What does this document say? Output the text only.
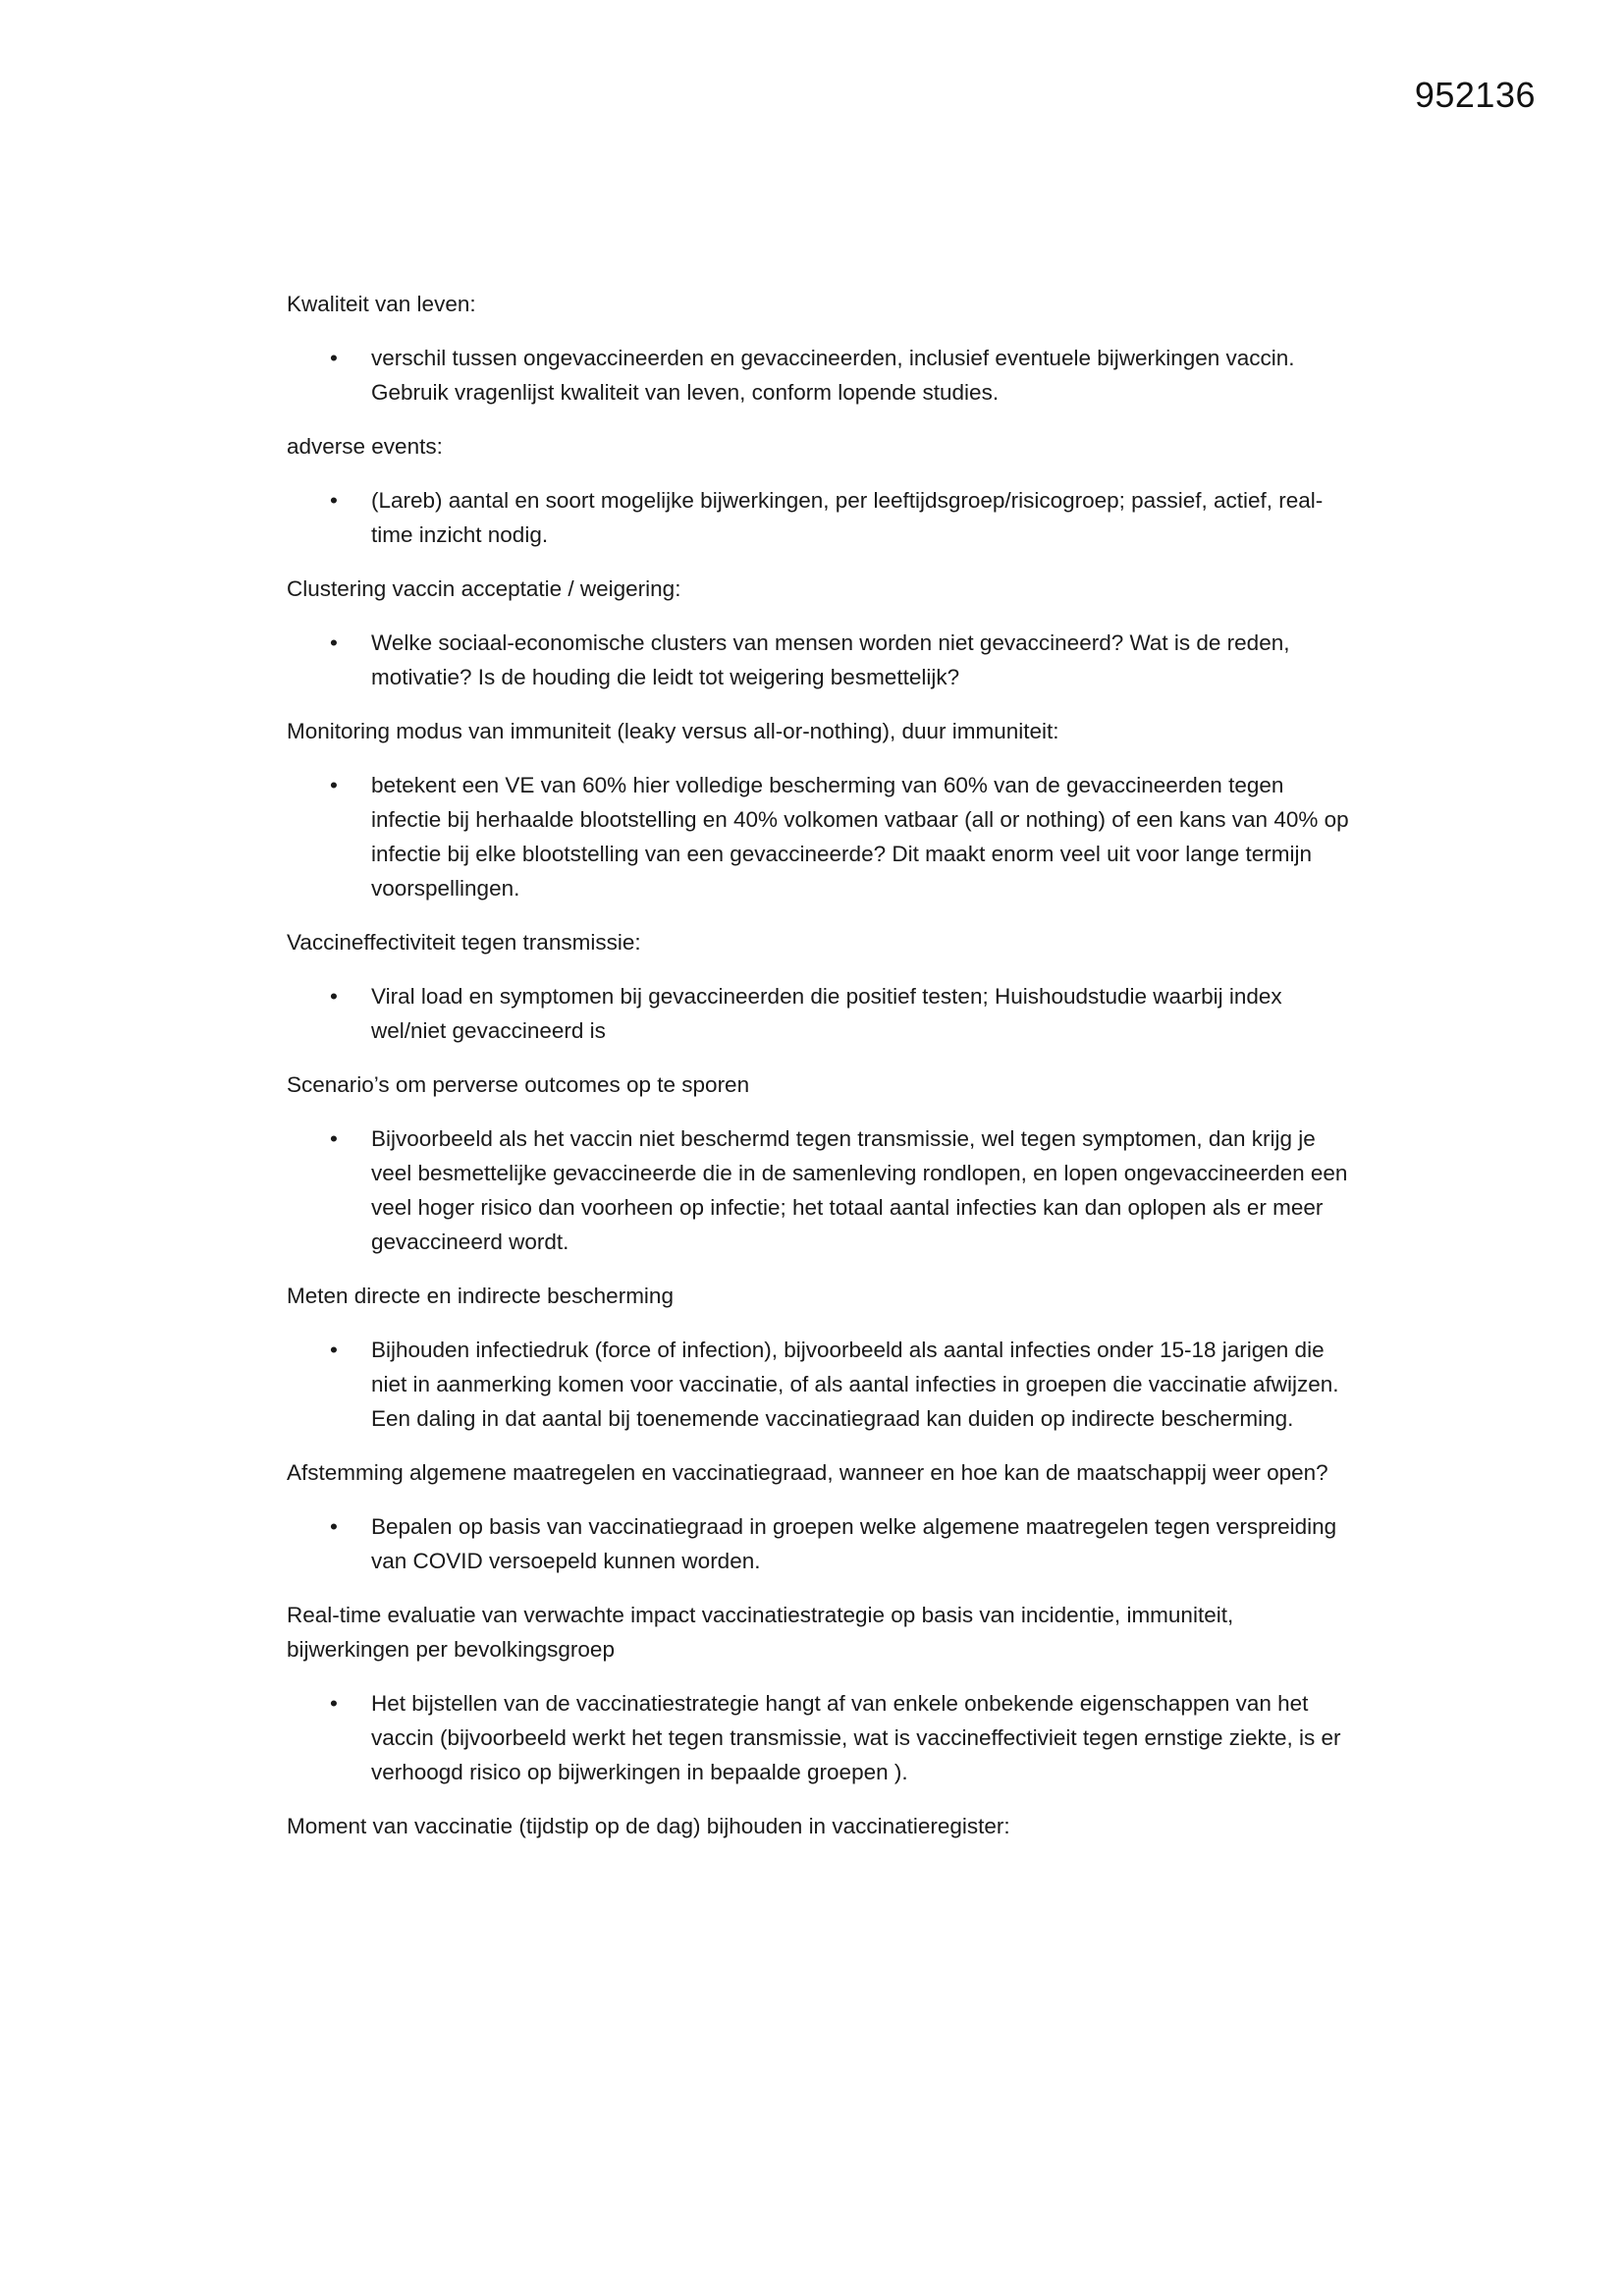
952136

Kwaliteit van leven:

• verschil tussen ongevaccineerden en gevaccineerden, inclusief eventuele bijwerkingen vaccin. Gebruik vragenlijst kwaliteit van leven, conform lopende studies.

adverse events:

• (Lareb) aantal en soort mogelijke bijwerkingen, per leeftijdsgroep/risicogroep; passief, actief, real-time inzicht nodig.

Clustering vaccin acceptatie / weigering:

• Welke sociaal-economische clusters van mensen worden niet gevaccineerd? Wat is de reden, motivatie? Is de houding die leidt tot weigering besmettelijk?

Monitoring modus van immuniteit (leaky versus all-or-nothing), duur immuniteit:

• betekent een VE van 60% hier volledige bescherming van 60% van de gevaccineerden tegen infectie bij herhaalde blootstelling en 40% volkomen vatbaar (all or nothing) of een kans van 40% op infectie bij elke blootstelling van een gevaccineerde? Dit maakt enorm veel uit voor lange termijn voorspellingen.

Vaccineffectiviteit tegen transmissie:

• Viral load en symptomen bij gevaccineerden die positief testen; Huishoudstudie waarbij index wel/niet gevaccineerd is

Scenario’s om perverse outcomes op te sporen

• Bijvoorbeeld als het vaccin niet beschermd tegen transmissie, wel tegen symptomen, dan krijg je veel besmettelijke gevaccineerde die in de samenleving rondlopen, en lopen ongevaccineerden een veel hoger risico dan voorheen op infectie; het totaal aantal infecties kan dan oplopen als er meer gevaccineerd wordt.

Meten directe en indirecte bescherming

• Bijhouden infectiedruk (force of infection), bijvoorbeeld als aantal infecties onder 15-18 jarigen die niet in aanmerking komen voor vaccinatie, of als aantal infecties in groepen die vaccinatie afwijzen. Een daling in dat aantal bij toenemende vaccinatiegraad kan duiden op indirecte bescherming.

Afstemming algemene maatregelen en vaccinatiegraad, wanneer en hoe kan de maatschappij weer open?

• Bepalen op basis van vaccinatiegraad in groepen welke algemene maatregelen tegen verspreiding van COVID versoepeld kunnen worden.

Real-time evaluatie van verwachte impact vaccinatiestrategie op basis van incidentie, immuniteit, bijwerkingen per bevolkingsgroep

• Het bijstellen van de vaccinatiestrategie hangt af van enkele onbekende eigenschappen van het vaccin (bijvoorbeeld werkt het tegen transmissie, wat is vaccineffectivieit tegen ernstige ziekte, is er verhoogd risico op bijwerkingen in bepaalde groepen ).

Moment van vaccinatie (tijdstip op de dag) bijhouden in vaccinatieregister:
